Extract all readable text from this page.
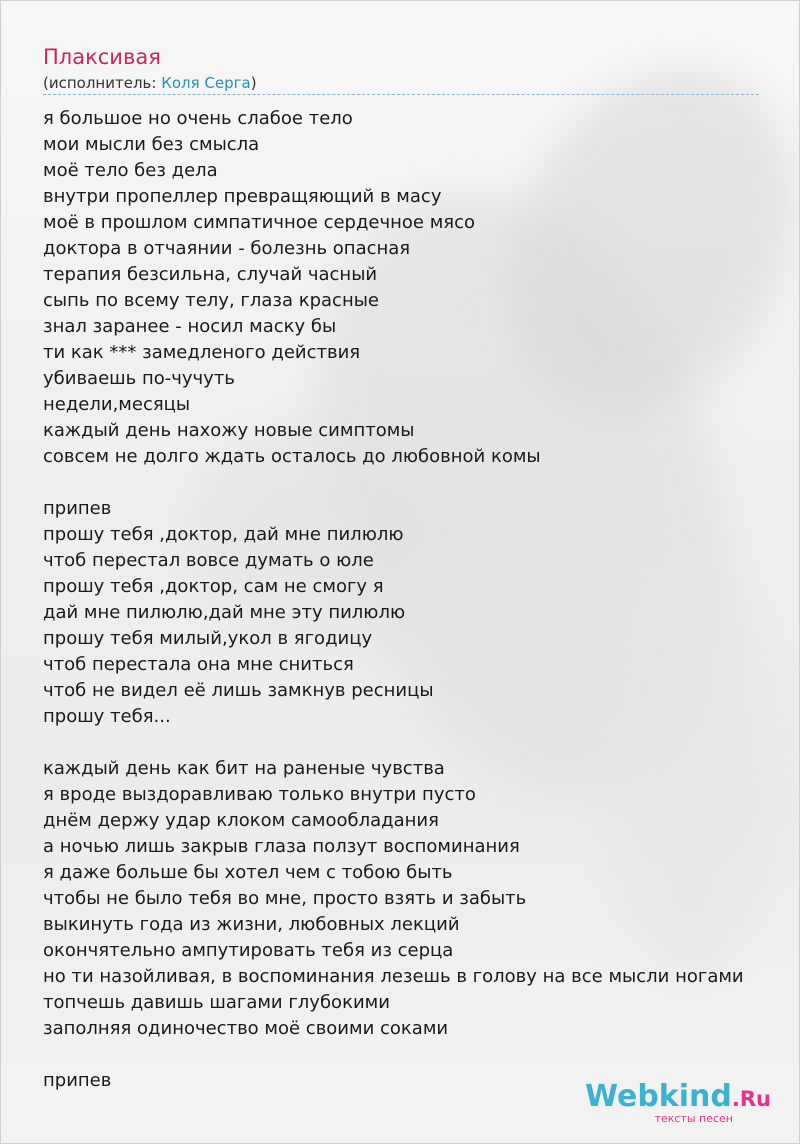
Плаксивая
(исполнитель: Коля Серга)
я большое но очень слабое тело
мои мысли без смысла
моё тело без дела
внутри пропеллер превращяющий в масу
моё в прошлом симпатичное сердечное мясо
доктора в отчаянии - болезнь опасная
терапия безсильна, случай часный
сыпь по всему телу, глаза красные
знал заранее - носил маску бы
ти как *** замедленого действия
убиваешь по-чучуть
недели,месяцы
каждый день нахожу новые симптомы
совсем не долго ждать осталось до любовной комы
припев
прошу тебя ,доктор, дай мне пилюлю
чтоб перестал вовсе думать о юле
прошу тебя ,доктор, сам не смогу я
дай мне пилюлю,дай мне эту пилюлю
прошу тебя милый,укол в ягодицу
чтоб перестала она мне сниться
чтоб не видел её лишь замкнув ресницы
прошу тебя...
каждый день как бит на раненые чувства
я вроде выздоравливаю только внутри пусто
днём держу удар клоком самообладания
а ночью лишь закрыв глаза ползут воспоминания
я даже больше бы хотел чем с тобою быть
чтобы не было тебя во мне, просто взять и забыть
выкинуть года из жизни, любовных лекций
окончятельно ампутировать тебя из серца
но ти назойливая, в воспоминания лезешь в голову на все мысли ногами
топчешь давишь шагами глубокими
заполняя одиночество моё своими соками
припев	Webkind.Ru
тексты песен
